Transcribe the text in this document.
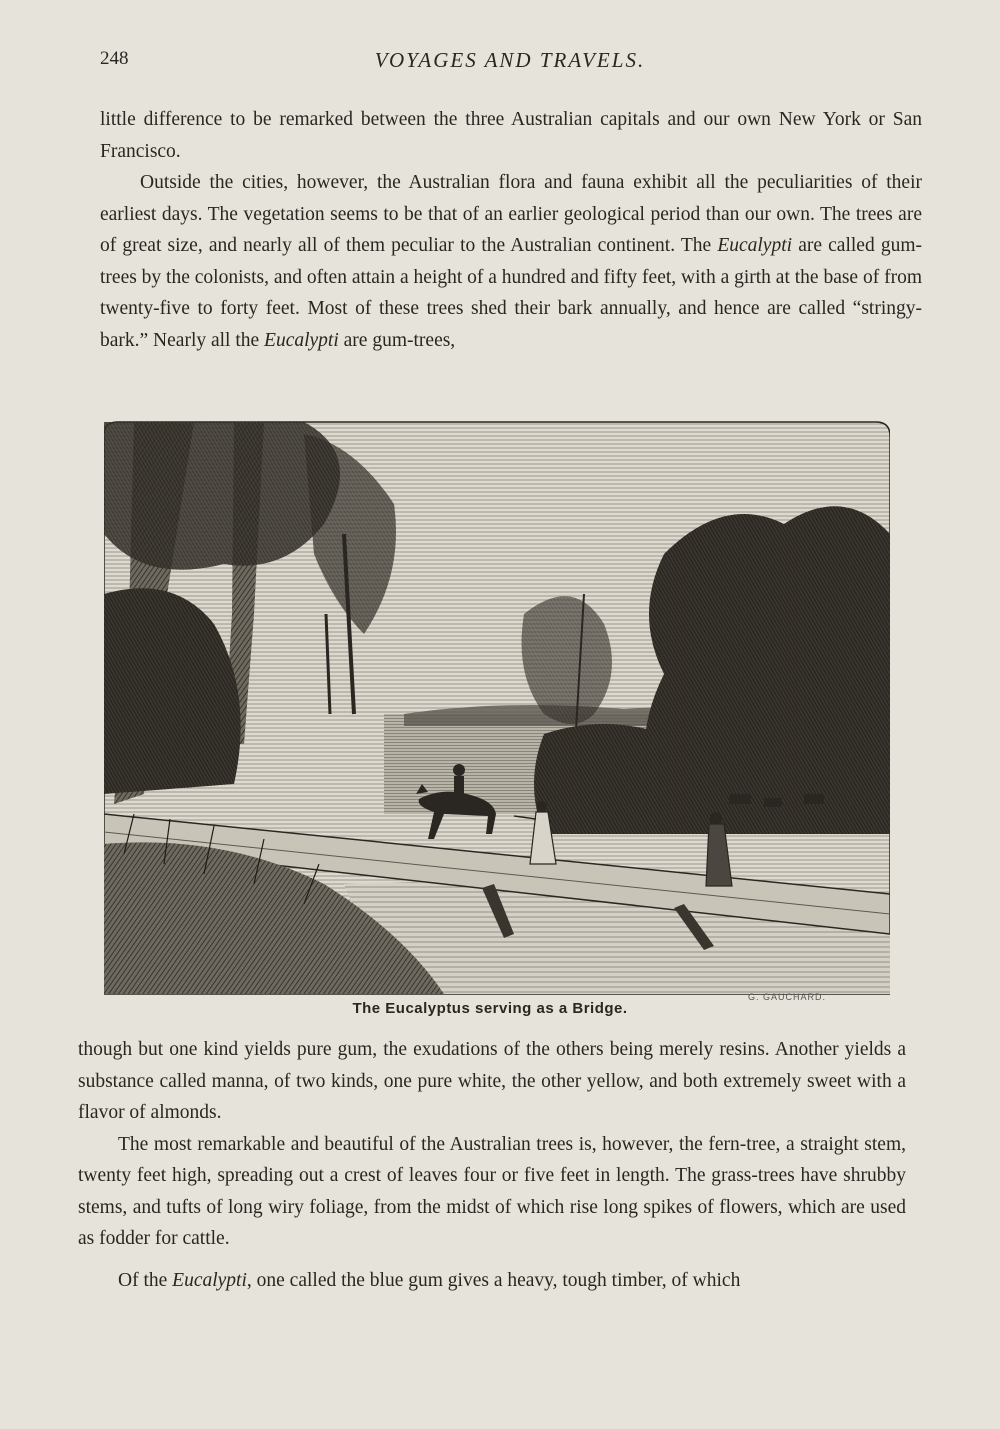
248	VOYAGES AND TRAVELS.

little difference to be remarked between the three Australian capitals and our own New York or San Francisco.

Outside the cities, however, the Australian flora and fauna exhibit all the peculiarities of their earliest days. The vegetation seems to be that of an earlier geological period than our own. The trees are of great size, and nearly all of them peculiar to the Australian continent. The Eucalypti are called gum-trees by the colonists, and often attain a height of a hundred and fifty feet, with a girth at the base of from twenty-five to forty feet. Most of these trees shed their bark annually, and hence are called “stringy-bark.” Nearly all the Eucalypti are gum-trees,

G. GAUCHARD.
The Eucalyptus serving as a Bridge.

though but one kind yields pure gum, the exudations of the others being merely resins. Another yields a substance called manna, of two kinds, one pure white, the other yellow, and both extremely sweet with a flavor of almonds.

The most remarkable and beautiful of the Australian trees is, however, the fern-tree, a straight stem, twenty feet high, spreading out a crest of leaves four or five feet in length. The grass-trees have shrubby stems, and tufts of long wiry foliage, from the midst of which rise long spikes of flowers, which are used as fodder for cattle.

Of the Eucalypti, one called the blue gum gives a heavy, tough timber, of which
